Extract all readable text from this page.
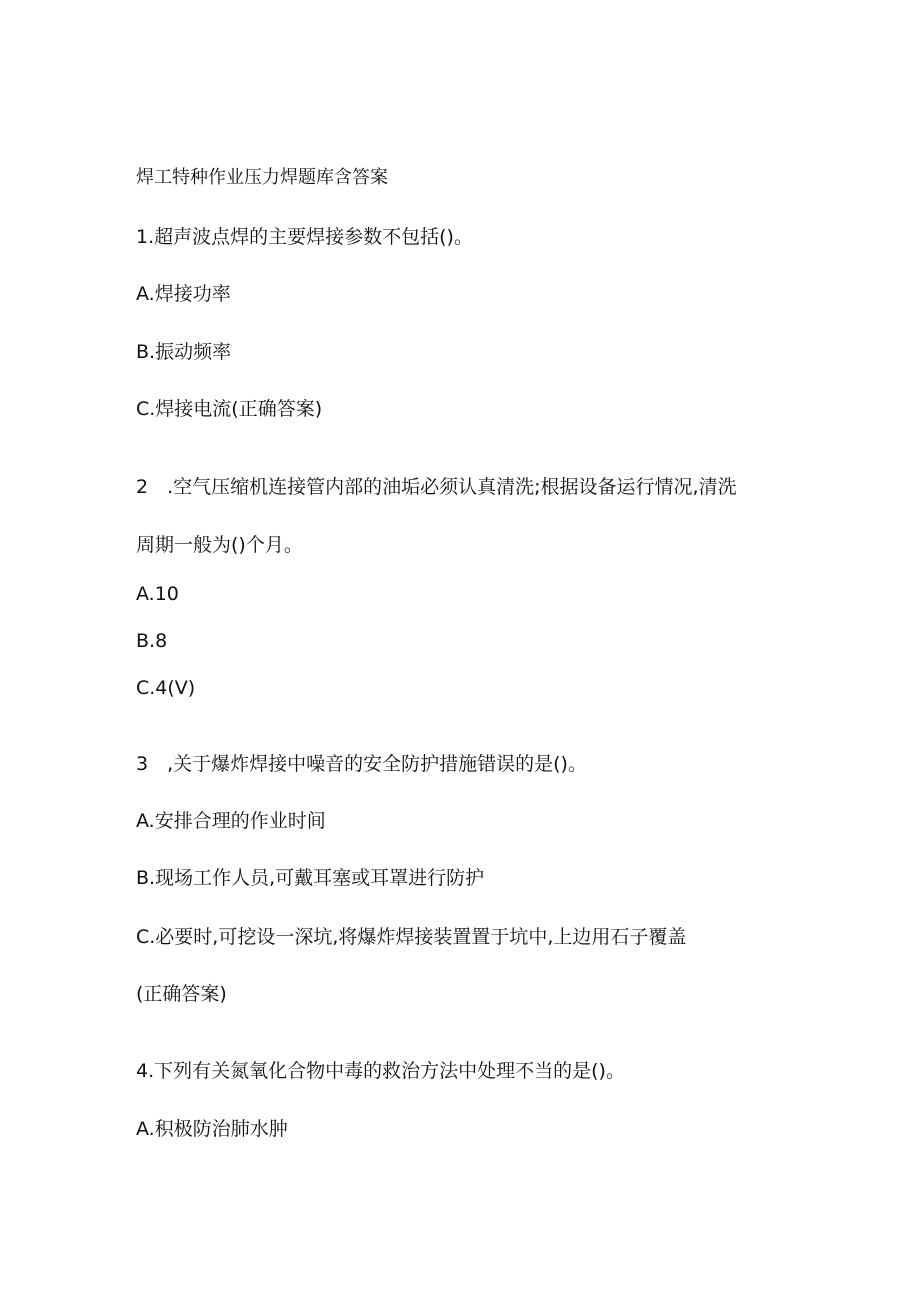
焊工特种作业压力焊题库含答案
1.超声波点焊的主要焊接参数不包括()。
A.焊接功率
B.振动频率
C.焊接电流(正确答案)
2　.空气压缩机连接管内部的油垢必须认真清洗;根据设备运行情况,清洗
周期一般为()个月。
A.10
B.8
C.4(V)
3　,关于爆炸焊接中噪音的安全防护措施错误的是()。
A.安排合理的作业时间
B.现场工作人员,可戴耳塞或耳罩进行防护
C.必要时,可挖设一深坑,将爆炸焊接装置置于坑中,上边用石子覆盖
(正确答案)
4.下列有关氮氧化合物中毒的救治方法中处理不当的是()。
A.积极防治肺水肿
